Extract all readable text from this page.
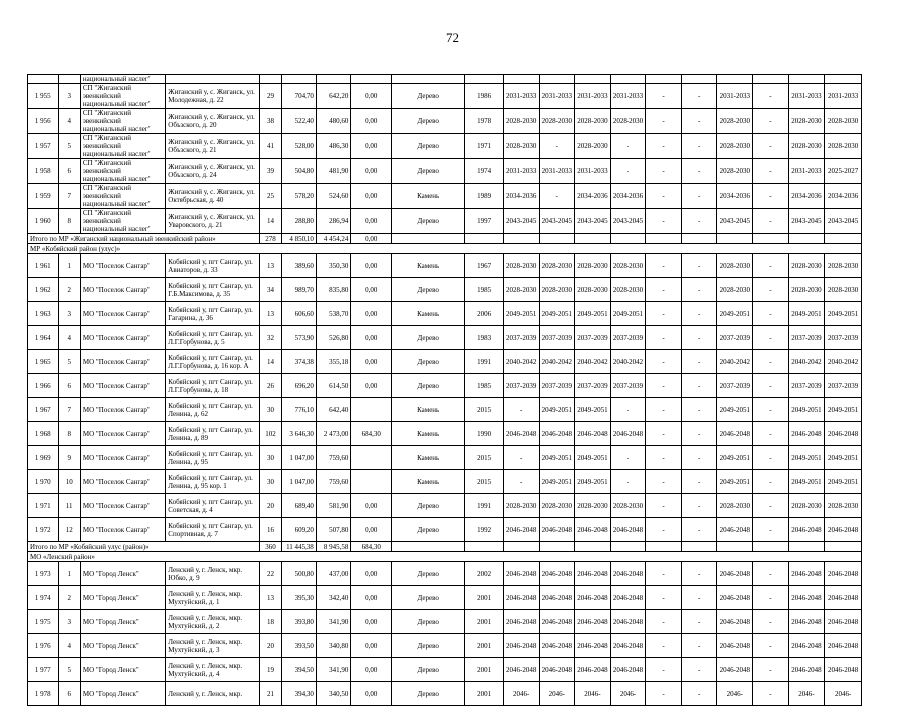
72
		национальный наслег"																	
1 955	3	СП "Жиганский эвенкийский национальный наслег"	Жиганский у, с. Жиганск, ул. Молодежная, д. 22	29	704,70	642,20	0,00	Дерево	1986	2031-2033	2031-2033	2031-2033	2031-2033	-	-	2031-2033	-	2031-2033	2031-2033
1 956	4	СП "Жиганский эвенкийский национальный наслег"	Жиганский у, с. Жиганск, ул. Объзского, д. 20	38	522,40	480,60	0,00	Дерево	1978	2028-2030	2028-2030	2028-2030	2028-2030	-	-	2028-2030	-	2028-2030	2028-2030
1 957	5	СП "Жиганский эвенкийский национальный наслег"	Жиганский у, с. Жиганск, ул. Объзского, д. 21	41	528,00	486,30	0,00	Дерево	1971	2028-2030	-	2028-2030	-	-	-	2028-2030	-	2028-2030	2028-2030
1 958	6	СП "Жиганский эвенкийский национальный наслег"	Жиганский у, с. Жиганск, ул. Объзского, д. 24	39	504,80	481,90	0,00	Дерево	1974	2031-2033	2031-2033	2031-2033	-	-	-	2028-2030	-	2031-2033	2025-2027
1 959	7	СП "Жиганский эвенкийский национальный наслег"	Жиганский у, с. Жиганск, ул. Октябрьская, д. 40	25	578,20	524,60	0,00	Камень	1989	2034-2036	-	2034-2036	2034-2036	-	-	2034-2036	-	2034-2036	2034-2036
1 960	8	СП "Жиганский эвенкийский национальный наслег"	Жиганский у, с. Жиганск, ул. Уваровского, д. 21	14	288,80	286,94	0,00	Дерево	1997	2043-2045	2043-2045	2043-2045	2043-2045	-	-	2043-2045	-	2043-2045	2043-2045
Итого по МР «Жиганский национальный эвенкийский район»				278	4 850,10	4 454,24	0,00												
МР «Кобяйский район (улус)»																			
1 961	1	МО "Поселок Сангар"	Кобяйский у, пгт Сангар, ул. Авиаторов, д. 33	13	389,60	350,30	0,00	Камень	1967	2028-2030	2028-2030	2028-2030	2028-2030	-	-	2028-2030	-	2028-2030	2028-2030
1 962	2	МО "Поселок Сангар"	Кобяйский у, пгт Сангар, ул. Г.Б.Максимова, д. 35	34	989,70	835,80	0,00	Дерево	1985	2028-2030	2028-2030	2028-2030	2028-2030	-	-	2028-2030	-	2028-2030	2028-2030
1 963	3	МО "Поселок Сангар"	Кобяйский у, пгт Сангар, ул. Гагарина, д. 36	13	606,60	538,70	0,00	Камень	2006	2049-2051	2049-2051	2049-2051	2049-2051	-	-	2049-2051	-	2049-2051	2049-2051
1 964	4	МО "Поселок Сангар"	Кобяйский у, пгт Сангар, ул. Л.Г.Горбунова, д. 5	32	573,90	526,80	0,00	Дерево	1983	2037-2039	2037-2039	2037-2039	2037-2039	-	-	2037-2039	-	2037-2039	2037-2039
1 965	5	МО "Поселок Сангар"	Кобяйский у, пгт Сангар, ул. Л.Г.Горбунова, д. 16 кор. А	14	374,38	355,18	0,00	Дерево	1991	2040-2042	2040-2042	2040-2042	2040-2042	-	-	2040-2042	-	2040-2042	2040-2042
1 966	6	МО "Поселок Сангар"	Кобяйский у, пгт Сангар, ул. Л.Г.Горбунова, д. 18	26	696,20	614,50	0,00	Дерево	1985	2037-2039	2037-2039	2037-2039	2037-2039	-	-	2037-2039	-	2037-2039	2037-2039
1 967	7	МО "Поселок Сангар"	Кобяйский у, пгт Сангар, ул. Ленина, д. 62	30	776,10	642,40		Камень	2015	-	2049-2051	2049-2051	-	-	-	2049-2051	-	2049-2051	2049-2051
1 968	8	МО "Поселок Сангар"	Кобяйский у, пгт Сангар, ул. Ленина, д. 89	102	3 646,30	2 473,00	684,30	Камень	1990	2046-2048	2046-2048	2046-2048	2046-2048	-	-	2046-2048	-	2046-2048	2046-2048
1 969	9	МО "Поселок Сангар"	Кобяйский у, пгт Сангар, ул. Ленина, д. 95	30	1 047,00	759,60		Камень	2015	-	2049-2051	2049-2051	-	-	-	2049-2051	-	2049-2051	2049-2051
1 970	10	МО "Поселок Сангар"	Кобяйский у, пгт Сангар, ул. Ленина, д. 95 кор. 1	30	1 047,00	759,60		Камень	2015	-	2049-2051	2049-2051	-	-	-	2049-2051	-	2049-2051	2049-2051
1 971	11	МО "Поселок Сангар"	Кобяйский у, пгт Сангар, ул. Советская, д. 4	20	689,40	581,90	0,00	Дерево	1991	2028-2030	2028-2030	2028-2030	2028-2030	-	-	2028-2030	-	2028-2030	2028-2030
1 972	12	МО "Поселок Сангар"	Кобяйский у, пгт Сангар, ул. Спортивная, д. 7	16	609,20	507,80	0,00	Дерево	1992	2046-2048	2046-2048	2046-2048	2046-2048	-	-	2046-2048	-	2046-2048	2046-2048
Итого по МР «Кобяйский улус (район)»				360	11 445,38	8 945,58	684,30												
МО «Ленский район»																			
1 973	1	МО "Город Ленск"	Ленский у, г. Ленск, мкр. Юбко, д. 9	22	500,80	437,00	0,00	Дерево	2002	2046-2048	2046-2048	2046-2048	2046-2048	-	-	2046-2048	-	2046-2048	2046-2048
1 974	2	МО "Город Ленск"	Ленский у, г. Ленск, мкр. Мухтуйский, д. 1	13	395,30	342,40	0,00	Дерево	2001	2046-2048	2046-2048	2046-2048	2046-2048	-	-	2046-2048	-	2046-2048	2046-2048
1 975	3	МО "Город Ленск"	Ленский у, г. Ленск, мкр. Мухтуйский, д. 2	18	393,80	341,90	0,00	Дерево	2001	2046-2048	2046-2048	2046-2048	2046-2048	-	-	2046-2048	-	2046-2048	2046-2048
1 976	4	МО "Город Ленск"	Ленский у, г. Ленск, мкр. Мухтуйский, д. 3	20	393,50	340,80	0,00	Дерево	2001	2046-2048	2046-2048	2046-2048	2046-2048	-	-	2046-2048	-	2046-2048	2046-2048
1 977	5	МО "Город Ленск"	Ленский у, г. Ленск, мкр. Мухтуйский, д. 4	19	394,50	341,90	0,00	Дерево	2001	2046-2048	2046-2048	2046-2048	2046-2048	-	-	2046-2048	-	2046-2048	2046-2048
1 978	6	МО "Город Ленск"	Ленский у, г. Ленск, мкр.	21	394,30	340,50	0,00	Дерево	2001	2046-	2046-	2046-	2046-	-	-	2046-	-	2046-	2046-
